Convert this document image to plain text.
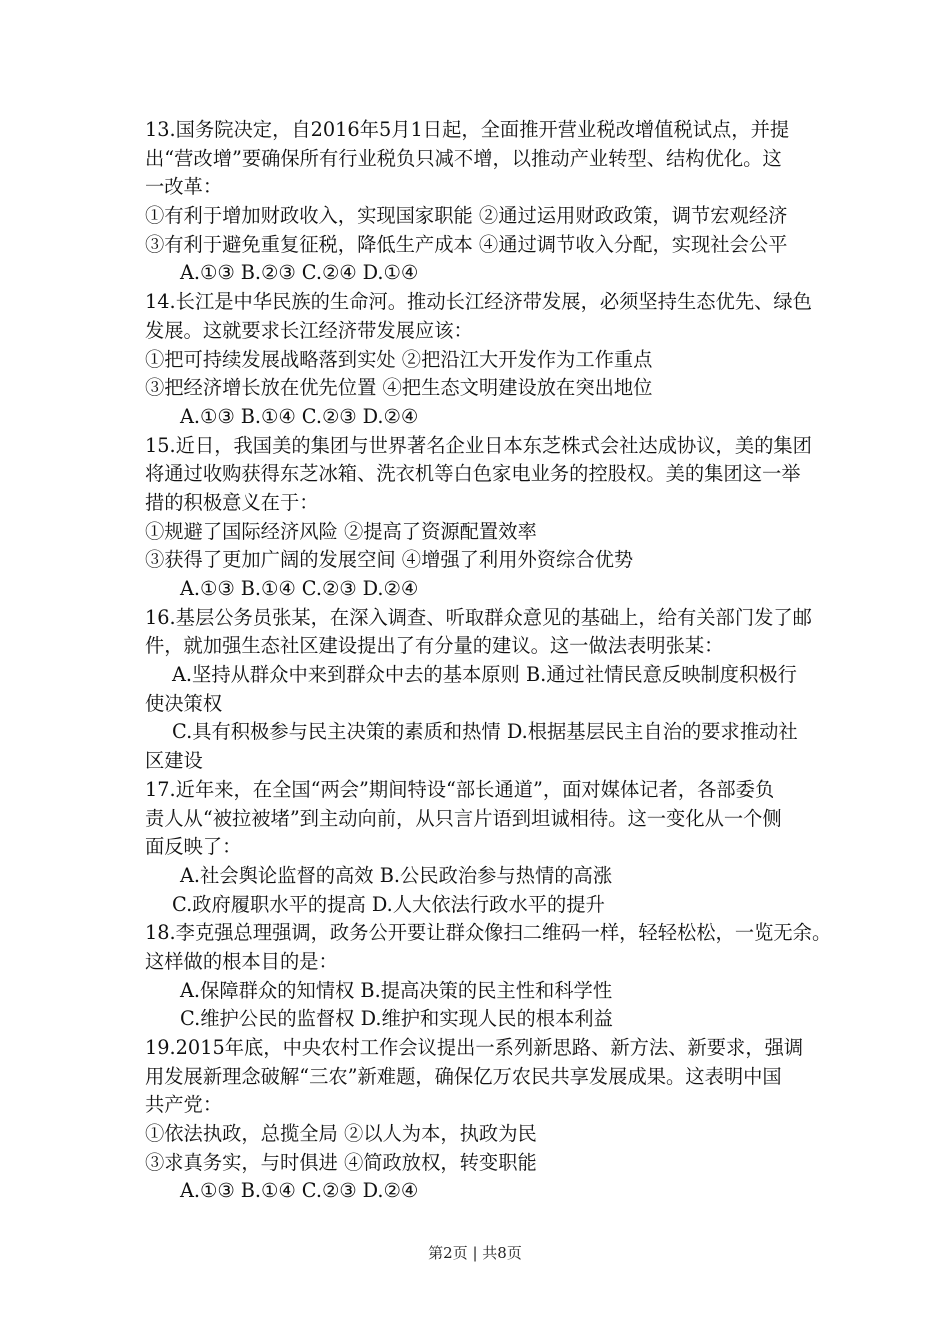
13.国务院决定，自2016年5月1日起，全面推开营业税改增值税试点，并提
出“营改增”要确保所有行业税负只减不增，以推动产业转型、结构优化。这
一改革：
①有利于增加财政收入，实现国家职能 ②通过运用财政政策，调节宏观经济
③有利于避免重复征税，降低生产成本 ④通过调节收入分配，实现社会公平
A.①③ B.②③ C.②④ D.①④
14.长江是中华民族的生命河。推动长江经济带发展，必须坚持生态优先、绿色
发展。这就要求长江经济带发展应该：
①把可持续发展战略落到实处 ②把沿江大开发作为工作重点
③把经济增长放在优先位置 ④把生态文明建设放在突出地位
A.①③ B.①④ C.②③ D.②④
15.近日，我国美的集团与世界著名企业日本东芝株式会社达成协议，美的集团
将通过收购获得东芝冰箱、洗衣机等白色家电业务的控股权。美的集团这一举
措的积极意义在于：
①规避了国际经济风险 ②提高了资源配置效率
③获得了更加广阔的发展空间 ④增强了利用外资综合优势
A.①③ B.①④ C.②③ D.②④
16.基层公务员张某，在深入调查、听取群众意见的基础上，给有关部门发了邮
件，就加强生态社区建设提出了有分量的建议。这一做法表明张某：
A.坚持从群众中来到群众中去的基本原则 B.通过社情民意反映制度积极行
使决策权
C.具有积极参与民主决策的素质和热情 D.根据基层民主自治的要求推动社
区建设
17.近年来，在全国“两会”期间特设“部长通道”，面对媒体记者，各部委负
责人从“被拉被堵”到主动向前，从只言片语到坦诚相待。这一变化从一个侧
面反映了：
A.社会舆论监督的高效 B.公民政治参与热情的高涨
C.政府履职水平的提高 D.人大依法行政水平的提升
18.李克强总理强调，政务公开要让群众像扫二维码一样，轻轻松松，一览无余。
这样做的根本目的是：
A.保障群众的知情权 B.提高决策的民主性和科学性
C.维护公民的监督权 D.维护和实现人民的根本利益
19.2015年底，中央农村工作会议提出一系列新思路、新方法、新要求，强调
用发展新理念破解“三农”新难题，确保亿万农民共享发展成果。这表明中国
共产党：
①依法执政，总揽全局 ②以人为本，执政为民
③求真务实，与时俱进 ④简政放权，转变职能
A.①③ B.①④ C.②③ D.②④
第2页 | 共8页
